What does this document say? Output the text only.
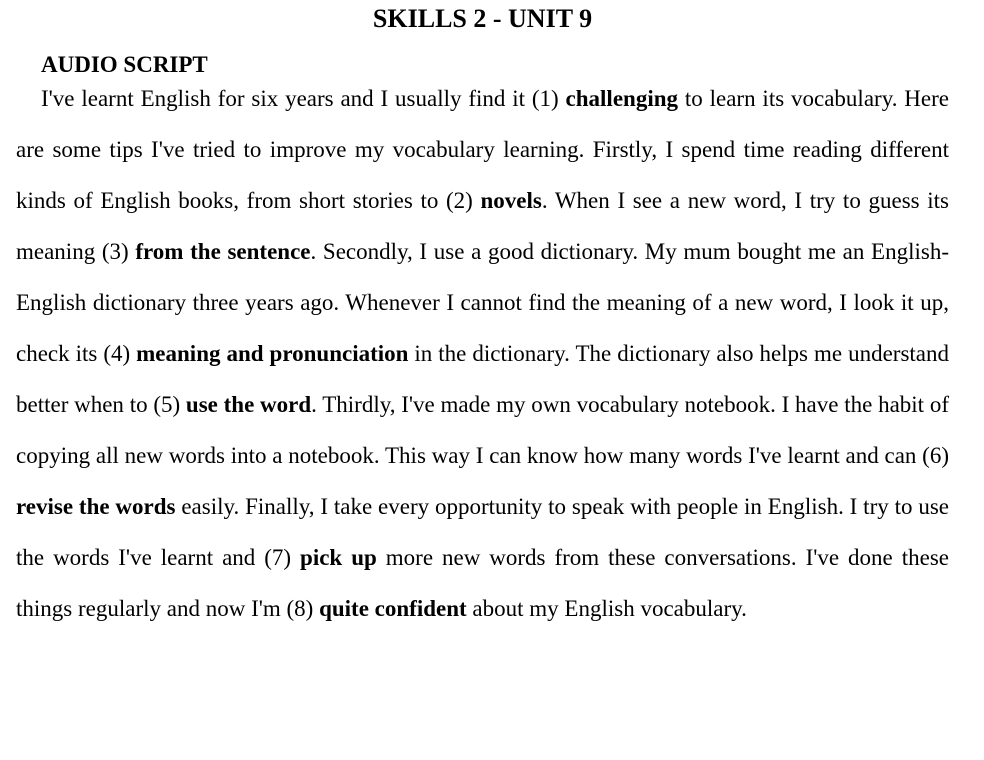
SKILLS 2 - UNIT 9
AUDIO SCRIPT

I've learnt English for six years and I usually find it (1) challenging to learn its vocabulary. Here are some tips I've tried to improve my vocabulary learning. Firstly, I spend time reading different kinds of English books, from short stories to (2) novels. When I see a new word, I try to guess its meaning (3) from the sentence. Secondly, I use a good dictionary. My mum bought me an English-English dictionary three years ago. Whenever I cannot find the meaning of a new word, I look it up, check its (4) meaning and pronunciation in the dictionary. The dictionary also helps me understand better when to (5) use the word. Thirdly, I've made my own vocabulary notebook. I have the habit of copying all new words into a notebook. This way I can know how many words I've learnt and can (6) revise the words easily. Finally, I take every opportunity to speak with people in English. I try to use the words I've learnt and (7) pick up more new words from these conversations. I've done these things regularly and now I'm (8) quite confident about my English vocabulary.
